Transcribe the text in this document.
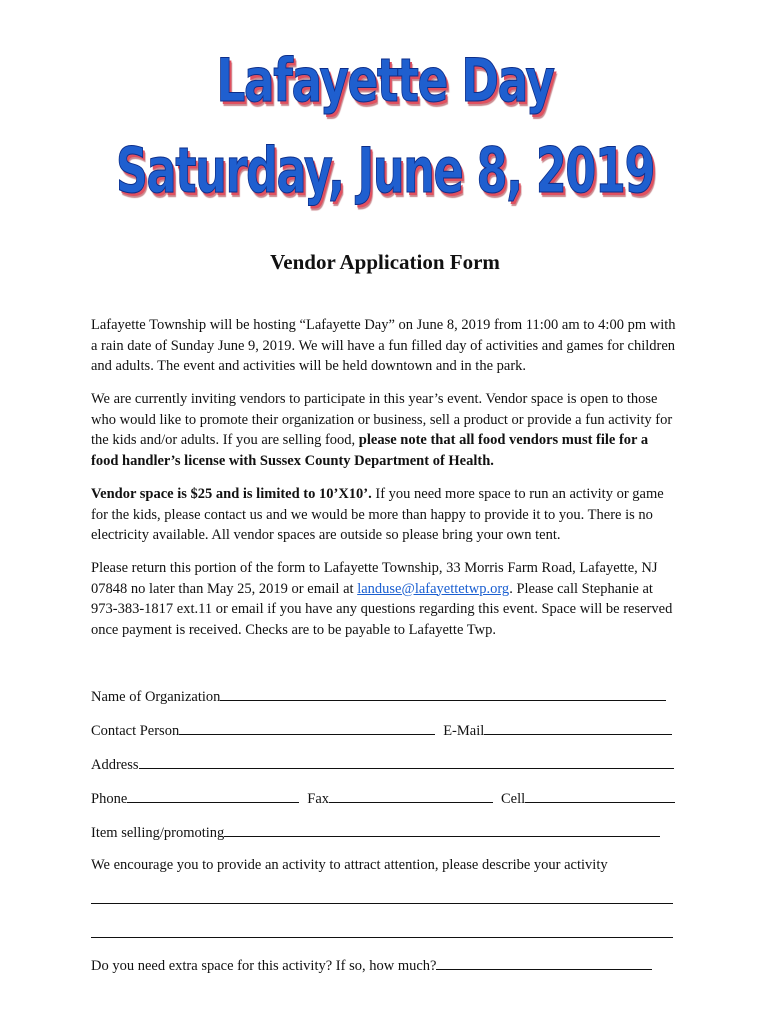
Lafayette Day
Saturday, June 8, 2019
Vendor Application Form

Lafayette Township will be hosting “Lafayette Day” on June 8, 2019 from 11:00 am to 4:00 pm with a rain date of Sunday June 9, 2019. We will have a fun filled day of activities and games for children and adults. The event and activities will be held downtown and in the park.

We are currently inviting vendors to participate in this year’s event. Vendor space is open to those who would like to promote their organization or business, sell a product or provide a fun activity for the kids and/or adults. If you are selling food, please note that all food vendors must file for a food handler’s license with Sussex County Department of Health.

Vendor space is $25 and is limited to 10’X10’. If you need more space to run an activity or game for the kids, please contact us and we would be more than happy to provide it to you. There is no electricity available. All vendor spaces are outside so please bring your own tent.

Please return this portion of the form to Lafayette Township, 33 Morris Farm Road, Lafayette, NJ 07848 no later than May 25, 2019 or email at landuse@lafayettetwp.org. Please call Stephanie at 973-383-1817 ext.11 or email if you have any questions regarding this event. Space will be reserved once payment is received. Checks are to be payable to Lafayette Twp.

Name of Organization
Contact Person	E-Mail
Address
Phone	Fax	Cell
Item selling/promoting
We encourage you to provide an activity to attract attention, please describe your activity
Do you need extra space for this activity? If so, how much?
